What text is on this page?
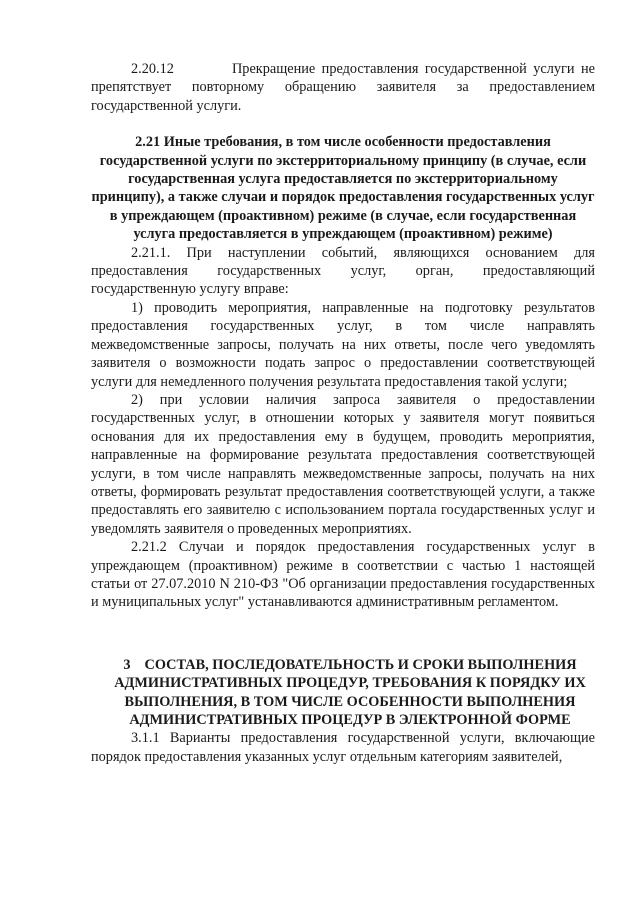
2.20.12         Прекращение предоставления государственной услуги не препятствует повторному обращению заявителя за предоставлением государственной услуги.

2.21 Иные требования, в том числе особенности предоставления государственной услуги по экстерриториальному принципу (в случае, если государственная услуга предоставляется по экстерриториальному принципу), а также случаи и порядок предоставления государственных услуг в упреждающем (проактивном) режиме (в случае, если государственная услуга предоставляется в упреждающем (проактивном) режиме)

2.21.1. При наступлении событий, являющихся основанием для предоставления государственных услуг, орган, предоставляющий государственную услугу вправе:

1) проводить мероприятия, направленные на подготовку результатов предоставления государственных услуг, в том числе направлять межведомственные запросы, получать на них ответы, после чего уведомлять заявителя о возможности подать запрос о предоставлении соответствующей услуги для немедленного получения результата предоставления такой услуги;

2) при условии наличия запроса заявителя о предоставлении государственных услуг, в отношении которых у заявителя могут появиться основания для их предоставления ему в будущем, проводить мероприятия, направленные на формирование результата предоставления соответствующей услуги, в том числе направлять межведомственные запросы, получать на них ответы, формировать результат предоставления соответствующей услуги, а также предоставлять его заявителю с использованием портала государственных услуг и уведомлять заявителя о проведенных мероприятиях.

2.21.2 Случаи и порядок предоставления государственных услуг в упреждающем (проактивном) режиме в соответствии с частью 1 настоящей статьи от 27.07.2010 N 210-ФЗ "Об организации предоставления государственных и муниципальных услуг" устанавливаются административным регламентом.

3 СОСТАВ, ПОСЛЕДОВАТЕЛЬНОСТЬ И СРОКИ ВЫПОЛНЕНИЯ АДМИНИСТРАТИВНЫХ ПРОЦЕДУР, ТРЕБОВАНИЯ К ПОРЯДКУ ИХ ВЫПОЛНЕНИЯ, В ТОМ ЧИСЛЕ ОСОБЕННОСТИ ВЫПОЛНЕНИЯ АДМИНИСТРАТИВНЫХ ПРОЦЕДУР В ЭЛЕКТРОННОЙ ФОРМЕ

3.1.1 Варианты предоставления государственной услуги, включающие порядок предоставления указанных услуг отдельным категориям заявителей,
